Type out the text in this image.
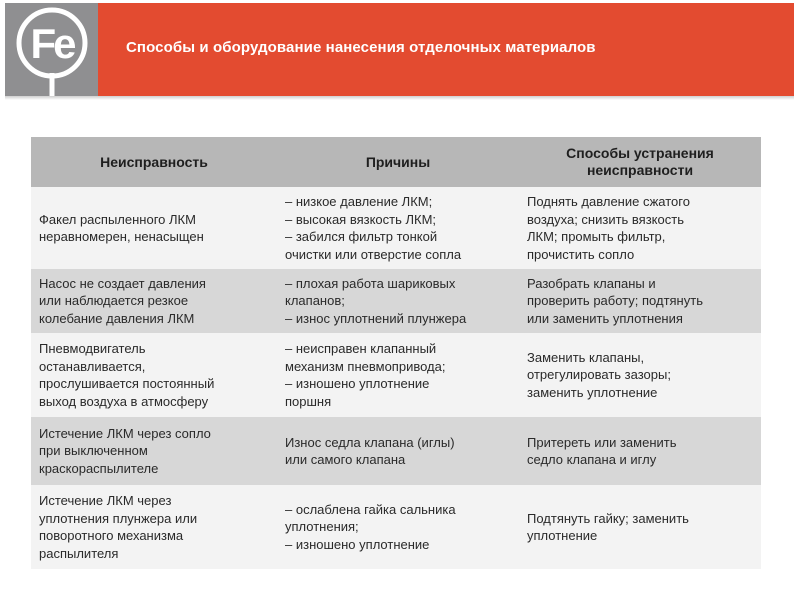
Fe	Способы и оборудование нанесения отделочных материалов
Неисправность	Причины	Способы устранения
неисправности

Факел распыленного ЛКМ
неравномерен, ненасыщен	– низкое давление ЛКМ;
– высокая вязкость ЛКМ;
– забился фильтр тонкой
очистки или отверстие сопла	Поднять давление сжатого
воздуха; снизить вязкость
ЛКМ; промыть фильтр,
прочистить сопло

Насос не создает давления
или наблюдается резкое
колебание давления ЛКМ	– плохая работа шариковых
клапанов;
– износ уплотнений плунжера	Разобрать клапаны и
проверить работу; подтянуть
или заменить уплотнения

Пневмодвигатель
останавливается,
прослушивается постоянный
выход воздуха в атмосферу	– неисправен клапанный
механизм пневмопривода;
– изношено уплотнение
поршня	Заменить клапаны,
отрегулировать зазоры;
заменить уплотнение

Истечение ЛКМ через сопло
при выключенном
краскораспылителе	Износ седла клапана (иглы)
или самого клапана	Притереть или заменить
седло клапана и иглу

Истечение ЛКМ через
уплотнения плунжера или
поворотного механизма
распылителя	– ослаблена гайка сальника
уплотнения;
– изношено уплотнение	Подтянуть гайку; заменить
уплотнение
